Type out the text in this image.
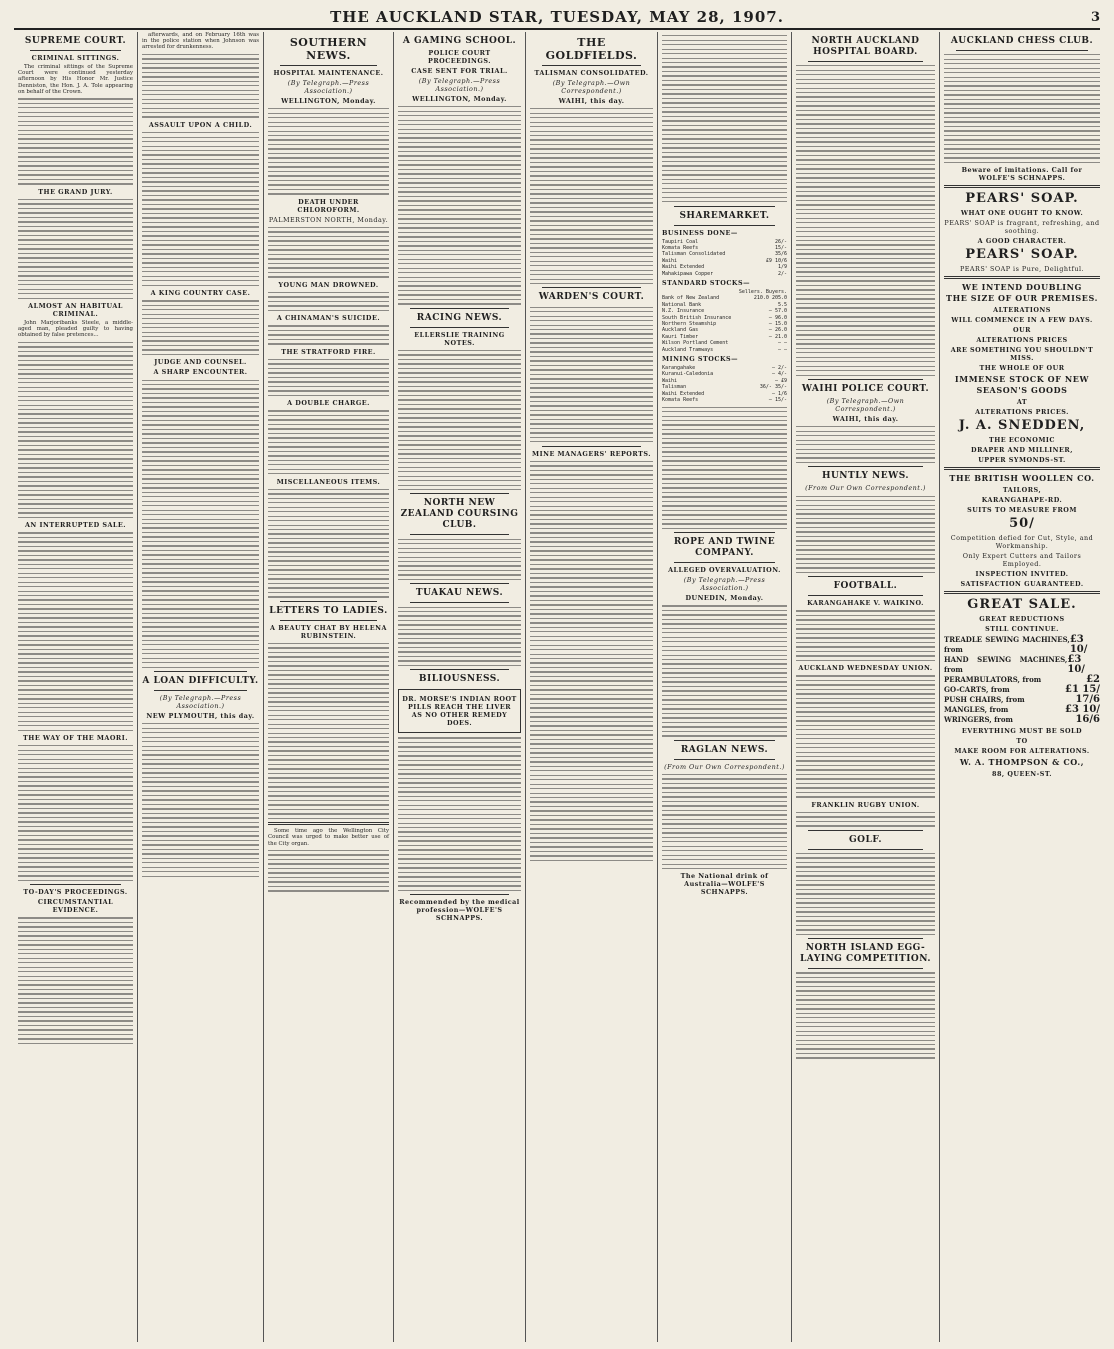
THE AUCKLAND STAR, TUESDAY, MAY 28, 1907.	3
SUPREME COURT.
CRIMINAL SITTINGS.

The criminal sittings of the Supreme Court were continued yesterday afternoon by His Honor Mr. Justice Denniston, the Hon. J. A. Tole appearing on behalf of the Crown.

THE GRAND JURY.
ALMOST AN HABITUAL CRIMINAL.

John Marjoribanks Steele, a middle-aged man, pleaded guilty to having obtained by false pretences...

AN INTERRUPTED SALE.
THE WAY OF THE MAORI.
TO-DAY'S PROCEEDINGS.
CIRCUMSTANTIAL EVIDENCE.

afterwards, and on February 16th was in the police station when Johnson was arrested for drunkenness.

ASSAULT UPON A CHILD.
A KING COUNTRY CASE.
JUDGE AND COUNSEL.
A SHARP ENCOUNTER.
A LOAN DIFFICULTY.
(By Telegraph.—Press Association.)
NEW PLYMOUTH, this day.
SOUTHERN NEWS.
HOSPITAL MAINTENANCE.
(By Telegraph.—Press Association.)
WELLINGTON, Monday.
DEATH UNDER CHLOROFORM.
PALMERSTON NORTH, Monday.
YOUNG MAN DROWNED.
A CHINAMAN'S SUICIDE.
THE STRATFORD FIRE.
A DOUBLE CHARGE.
MISCELLANEOUS ITEMS.
LETTERS TO LADIES.
A BEAUTY CHAT BY HELENA RUBINSTEIN.

Some time ago the Wellington City Council was urged to make better use of the City organ.

A GAMING SCHOOL.
POLICE COURT PROCEEDINGS.
CASE SENT FOR TRIAL.
(By Telegraph.—Press Association.)
WELLINGTON, Monday.
RACING NEWS.
ELLERSLIE TRAINING NOTES.
NORTH NEW ZEALAND COURSING CLUB.
TUAKAU NEWS.
BILIOUSNESS.
DR. MORSE'S INDIAN ROOT PILLS REACH THE LIVER AS NO OTHER REMEDY DOES.
Recommended by the medical profession—WOLFE'S SCHNAPPS.
THE GOLDFIELDS.
TALISMAN CONSOLIDATED.
(By Telegraph.—Own Correspondent.)
WAIHI, this day.
WARDEN'S COURT.
MINE MANAGERS' REPORTS.
SHAREMARKET.
BUSINESS DONE—
Taupiri Coal	26/-
Komata Reefs	15/-
Talisman Consolidated	35/6
Waihi	£9 10/6
Waihi Extended	1/9
Mahakipawa Copper	2/-
STANDARD STOCKS—
Sellers. Buyers.
Bank of New Zealand	210.0 205.0
National Bank	5.5
N.Z. Insurance	— 57.0
South British Insurance	— 96.0
Northern Steamship	— 15.0
Auckland Gas	— 26.0
Kauri Timber	— 21.0
Wilson Portland Cement	— —
Auckland Tramways	— —
MINING STOCKS—
Karangahake	— 2/-
Kuranui-Caledonia	— 4/-
Waihi	— £9
Talisman	36/- 35/-
Waihi Extended	— 1/6
Komata Reefs	— 15/-
ROPE AND TWINE COMPANY.
ALLEGED OVERVALUATION.
(By Telegraph.—Press Association.)
DUNEDIN, Monday.
RAGLAN NEWS.
(From Our Own Correspondent.)
The National drink of Australia—WOLFE'S SCHNAPPS.
NORTH AUCKLAND HOSPITAL BOARD.
WAIHI POLICE COURT.
(By Telegraph.—Own Correspondent.)
WAIHI, this day.
HUNTLY NEWS.
(From Our Own Correspondent.)
FOOTBALL.
KARANGAHAKE V. WAIKINO.
AUCKLAND WEDNESDAY UNION.
FRANKLIN RUGBY UNION.
GOLF.
NORTH ISLAND EGG-LAYING COMPETITION.
AUCKLAND CHESS CLUB.
Beware of imitations. Call for WOLFE'S SCHNAPPS.
PEARS' SOAP.
WHAT ONE OUGHT TO KNOW.
PEARS' SOAP is fragrant, refreshing, and soothing.
A GOOD CHARACTER.
PEARS' SOAP.
PEARS' SOAP is Pure, Delightful.
WE INTEND DOUBLING
THE SIZE OF OUR PREMISES.
ALTERATIONS
WILL COMMENCE IN A FEW DAYS.
OUR
ALTERATIONS PRICES
ARE SOMETHING YOU SHOULDN'T MISS.
THE WHOLE OF OUR
IMMENSE STOCK OF NEW
SEASON'S GOODS
AT
ALTERATIONS PRICES.
J. A. SNEDDEN,
THE ECONOMIC
DRAPER AND MILLINER,
UPPER SYMONDS-ST.
THE BRITISH WOOLLEN CO.
TAILORS,
KARANGAHAPE-RD.
SUITS TO MEASURE FROM
50/
Competition defied for Cut, Style, and Workmanship.
Only Expert Cutters and Tailors Employed.
INSPECTION INVITED.
SATISFACTION GUARANTEED.
GREAT SALE.
GREAT REDUCTIONS
STILL CONTINUE.
TREADLE SEWING MACHINES, from
£3 10/
HAND SEWING MACHINES, from
£3 10/
PERAMBULATORS, from	£2
GO-CARTS, from	£1 15/
PUSH CHAIRS, from	17/6
MANGLES, from	£3 10/
WRINGERS, from	16/6
EVERYTHING MUST BE SOLD
TO
MAKE ROOM FOR ALTERATIONS.
W. A. THOMPSON & CO.,
88, QUEEN-ST.
